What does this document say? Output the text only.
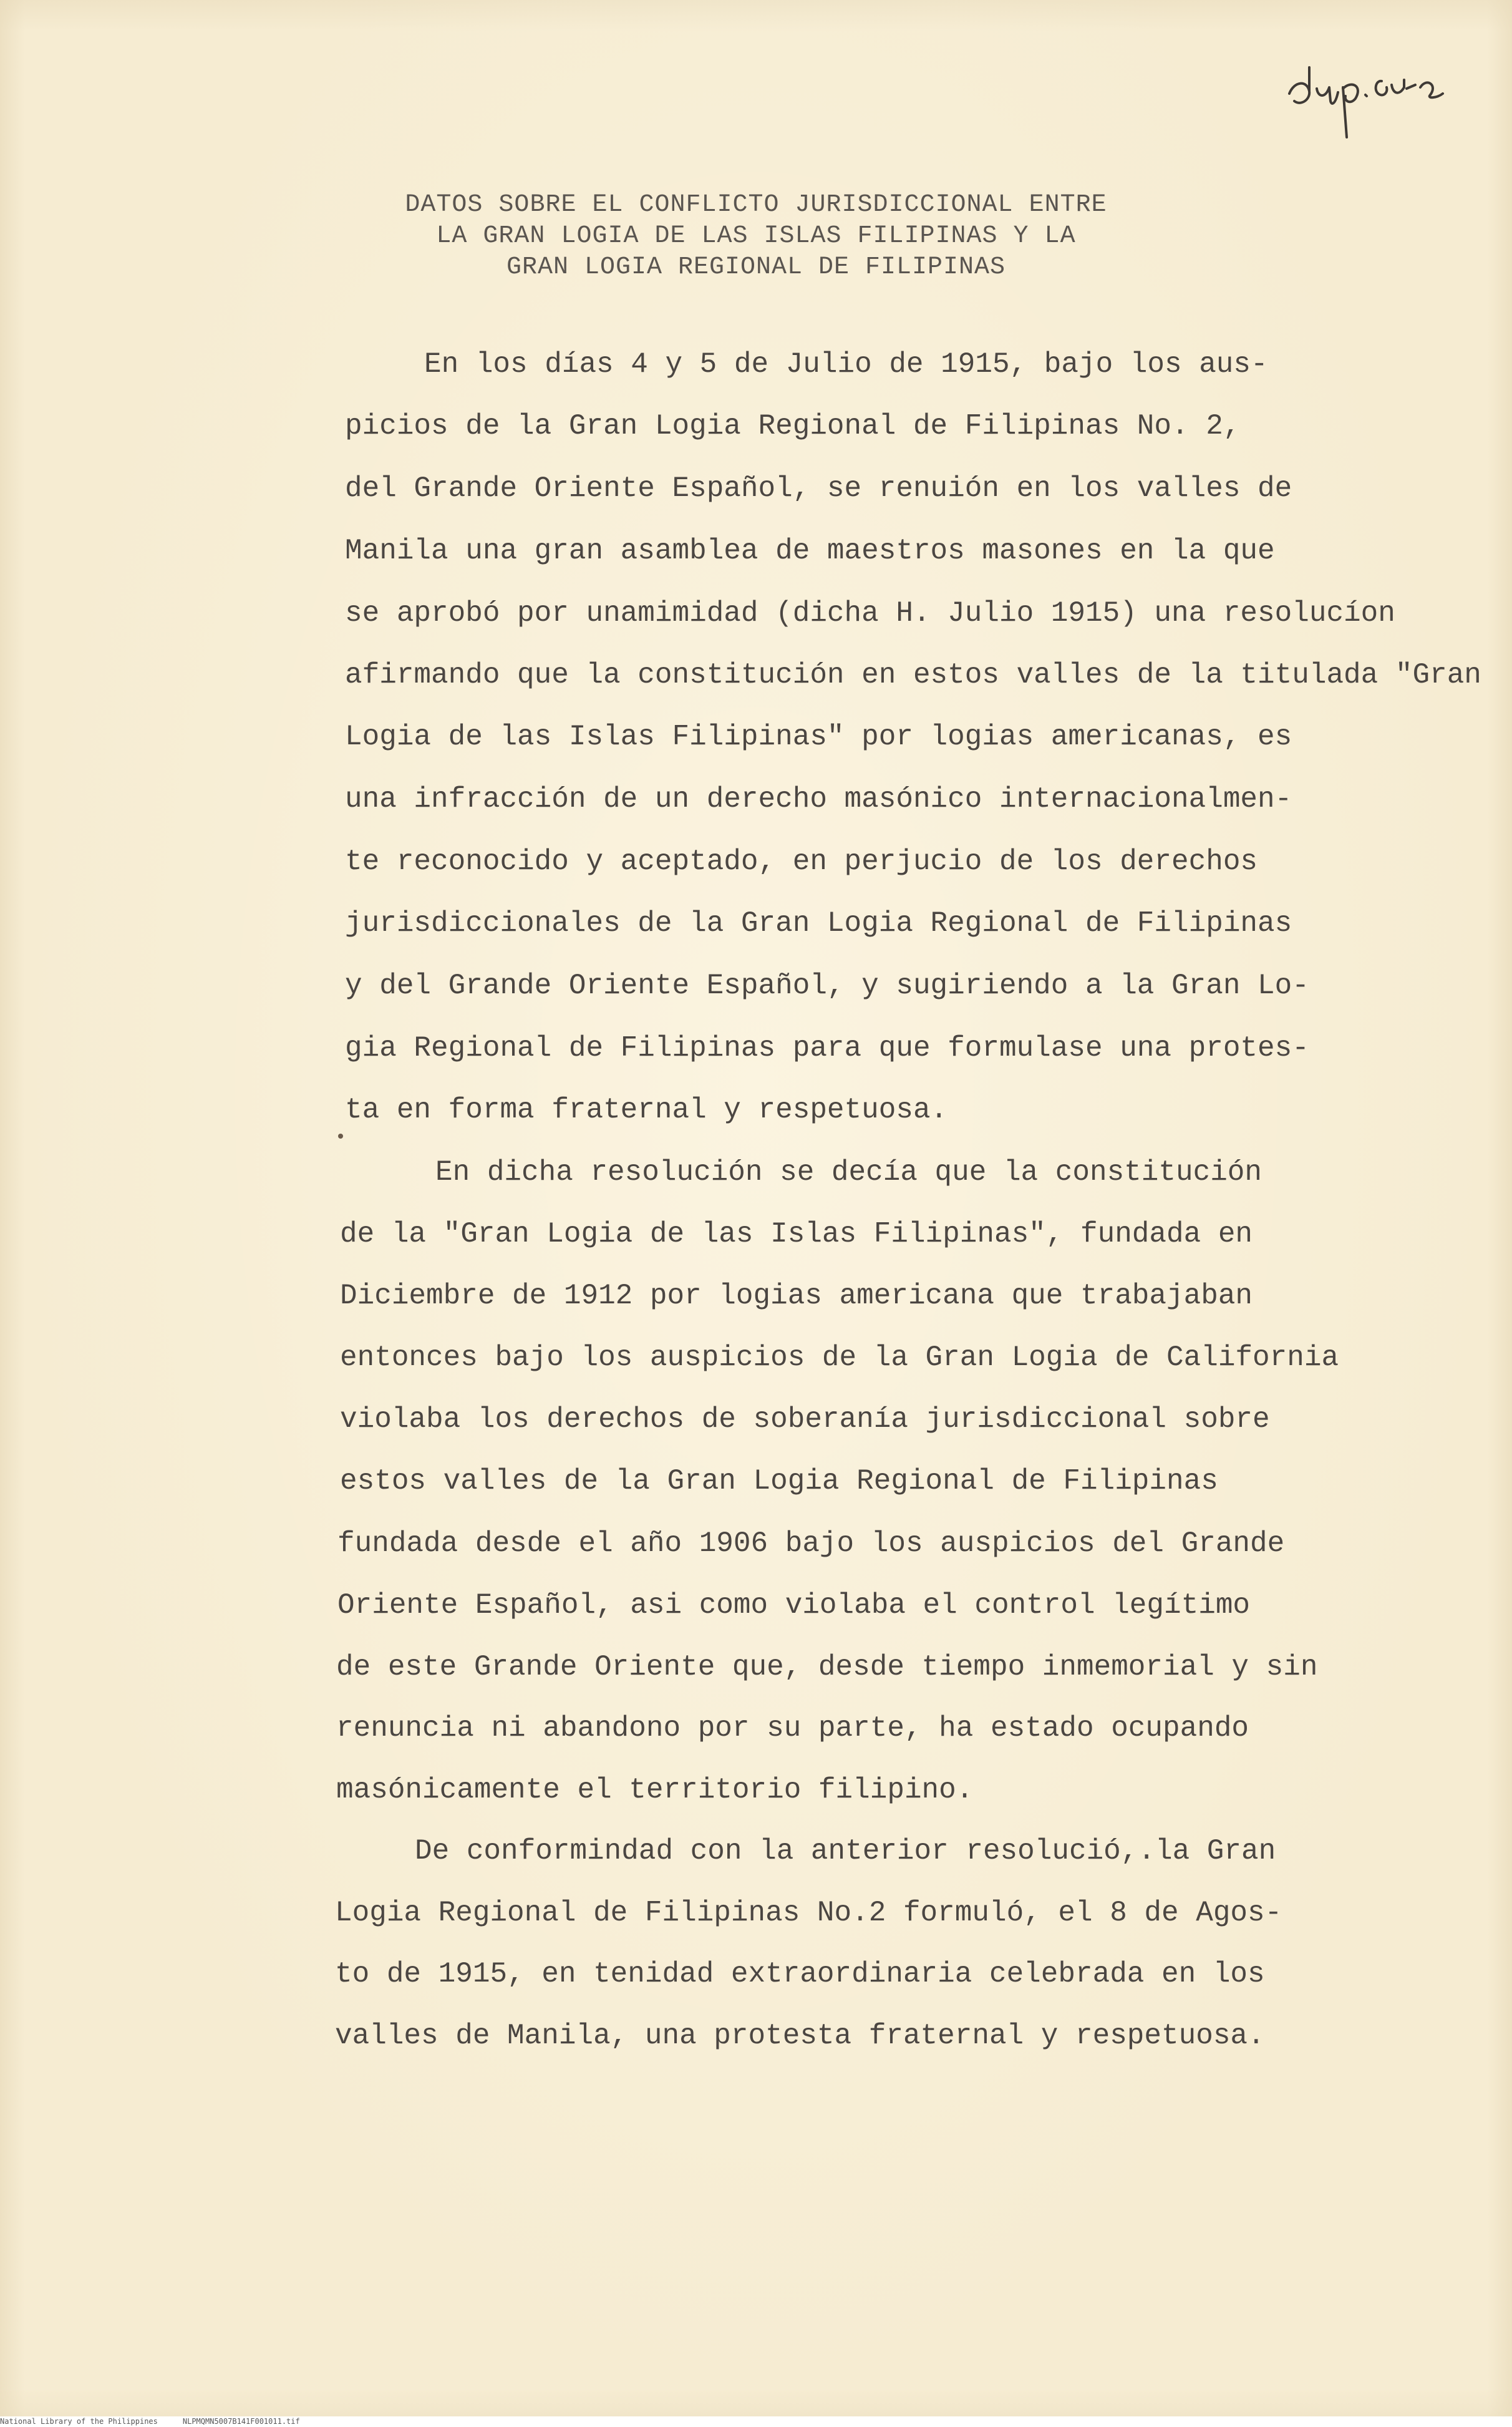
DATOS SOBRE EL CONFLICTO JURISDICCIONAL ENTRE
LA GRAN LOGIA DE LAS ISLAS FILIPINAS Y LA
GRAN LOGIA REGIONAL DE FILIPINAS
En los días 4 y 5 de Julio de 1915, bajo los aus-
picios de la Gran Logia Regional de Filipinas No. 2,
del Grande Oriente Español, se renuión en los valles de
Manila una gran asamblea de maestros masones en la que
se aprobó por unamimidad (dicha H. Julio 1915) una resolucíon
afirmando que la constitución en estos valles de la titulada "Gran
Logia de las Islas Filipinas" por logias americanas, es
una infracción de un derecho masónico internacionalmen-
te reconocido y aceptado, en perjucio de los derechos
jurisdiccionales de la Gran Logia Regional de Filipinas
y del Grande Oriente Español, y sugiriendo a la Gran Lo-
gia Regional de Filipinas para que formulase una protes-
ta en forma fraternal y respetuosa.
En dicha resolución se decía que la constitución
de la "Gran Logia de las Islas Filipinas", fundada en
Diciembre de 1912 por logias americana que trabajaban
entonces bajo los auspicios de la Gran Logia de California
violaba los derechos de soberanía jurisdiccional sobre
estos valles de la Gran Logia Regional de Filipinas
fundada desde el año 1906 bajo los auspicios del Grande
Oriente Español, asi como violaba el control legítimo
de este Grande Oriente que, desde tiempo inmemorial y sin
renuncia ni abandono por su parte, ha estado ocupando
masónicamente el territorio filipino.
De conformindad con la anterior resolució,.la Gran
Logia Regional de Filipinas No.2 formuló, el 8 de Agos-
to de 1915, en tenidad extraordinaria celebrada en los
valles de Manila, una protesta fraternal y respetuosa.
National Library of the Philippines	NLPMQMN5007B141F001011.tif
